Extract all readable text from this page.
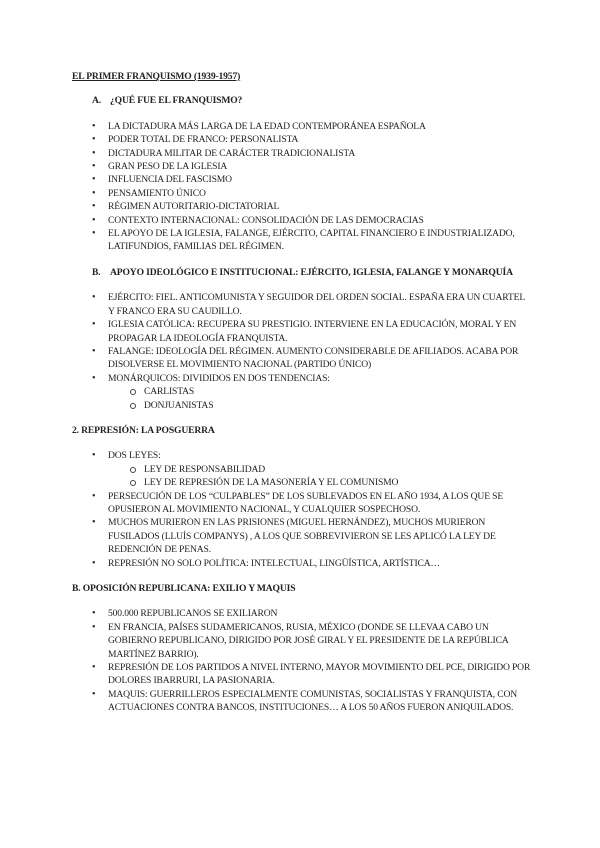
EL PRIMER FRANQUISMO (1939-1957)

A. ¿QUÉ FUE EL FRANQUISMO?
• LA DICTADURA MÁS LARGA DE LA EDAD CONTEMPORÁNEA ESPAÑOLA
• PODER TOTAL DE FRANCO: PERSONALISTA
• DICTADURA MILITAR DE CARÁCTER TRADICIONALISTA
• GRAN PESO DE LA IGLESIA
• INFLUENCIA DEL FASCISMO
• PENSAMIENTO ÚNICO
• RÉGIMEN AUTORITARIO-DICTATORIAL
• CONTEXTO INTERNACIONAL: CONSOLIDACIÓN DE LAS DEMOCRACIAS
• EL APOYO DE LA IGLESIA, FALANGE, EJÉRCITO, CAPITAL FINANCIERO E INDUSTRIALIZADO, LATIFUNDIOS, FAMILIAS DEL RÉGIMEN.
B. APOYO IDEOLÓGICO E INSTITUCIONAL: EJÉRCITO, IGLESIA, FALANGE Y MONARQUÍA
• EJÉRCITO: FIEL. ANTICOMUNISTA Y SEGUIDOR DEL ORDEN SOCIAL. ESPAÑA ERA UN CUARTEL Y FRANCO ERA SU CAUDILLO.
• IGLESIA CATÓLICA: RECUPERA SU PRESTIGIO. INTERVIENE EN LA EDUCACIÓN, MORAL Y EN PROPAGAR LA IDEOLOGÍA FRANQUISTA.
• FALANGE: IDEOLOGÍA DEL RÉGIMEN. AUMENTO CONSIDERABLE DE AFILIADOS. ACABA POR DISOLVERSE EL MOVIMIENTO NACIONAL (PARTIDO ÚNICO)
• MONÁRQUICOS: DIVIDIDOS EN DOS TENDENCIAS:
CARLISTAS
DONJUANISTAS

2. REPRESIÓN: LA POSGUERRA

• DOS LEYES:
LEY DE RESPONSABILIDAD
LEY DE REPRESIÓN DE LA MASONERÍA Y EL COMUNISMO
• PERSECUCIÓN DE LOS “CULPABLES” DE LOS SUBLEVADOS EN EL AÑO 1934, A LOS QUE SE OPUSIERON AL MOVIMIENTO NACIONAL, Y CUALQUIER SOSPECHOSO.
• MUCHOS MURIERON EN LAS PRISIONES (MIGUEL HERNÁNDEZ), MUCHOS MURIERON FUSILADOS (LLUÍS COMPANYS) , A LOS QUE SOBREVIVIERON SE LES APLICÓ LA LEY DE REDENCIÓN DE PENAS.
• REPRESIÓN NO SOLO POLÍTICA: INTELECTUAL, LINGÜÍSTICA, ARTÍSTICA…

B. OPOSICIÓN REPUBLICANA: EXILIO Y MAQUIS

• 500.000 REPUBLICANOS SE EXILIARON
• EN FRANCIA, PAÍSES SUDAMERICANOS, RUSIA, MÉXICO (DONDE SE LLEVAA CABO UN GOBIERNO REPUBLICANO, DIRIGIDO POR JOSÉ GIRAL Y EL PRESIDENTE DE LA REPÚBLICA MARTÍNEZ BARRIO).
• REPRESIÓN DE LOS PARTIDOS A NIVEL INTERNO, MAYOR MOVIMIENTO DEL PCE, DIRIGIDO POR DOLORES IBARRURI, LA PASIONARIA.
• MAQUIS: GUERRILLEROS ESPECIALMENTE COMUNISTAS, SOCIALISTAS Y FRANQUISTA, CON ACTUACIONES CONTRA BANCOS, INSTITUCIONES… A LOS 50 AÑOS FUERON ANIQUILADOS.
